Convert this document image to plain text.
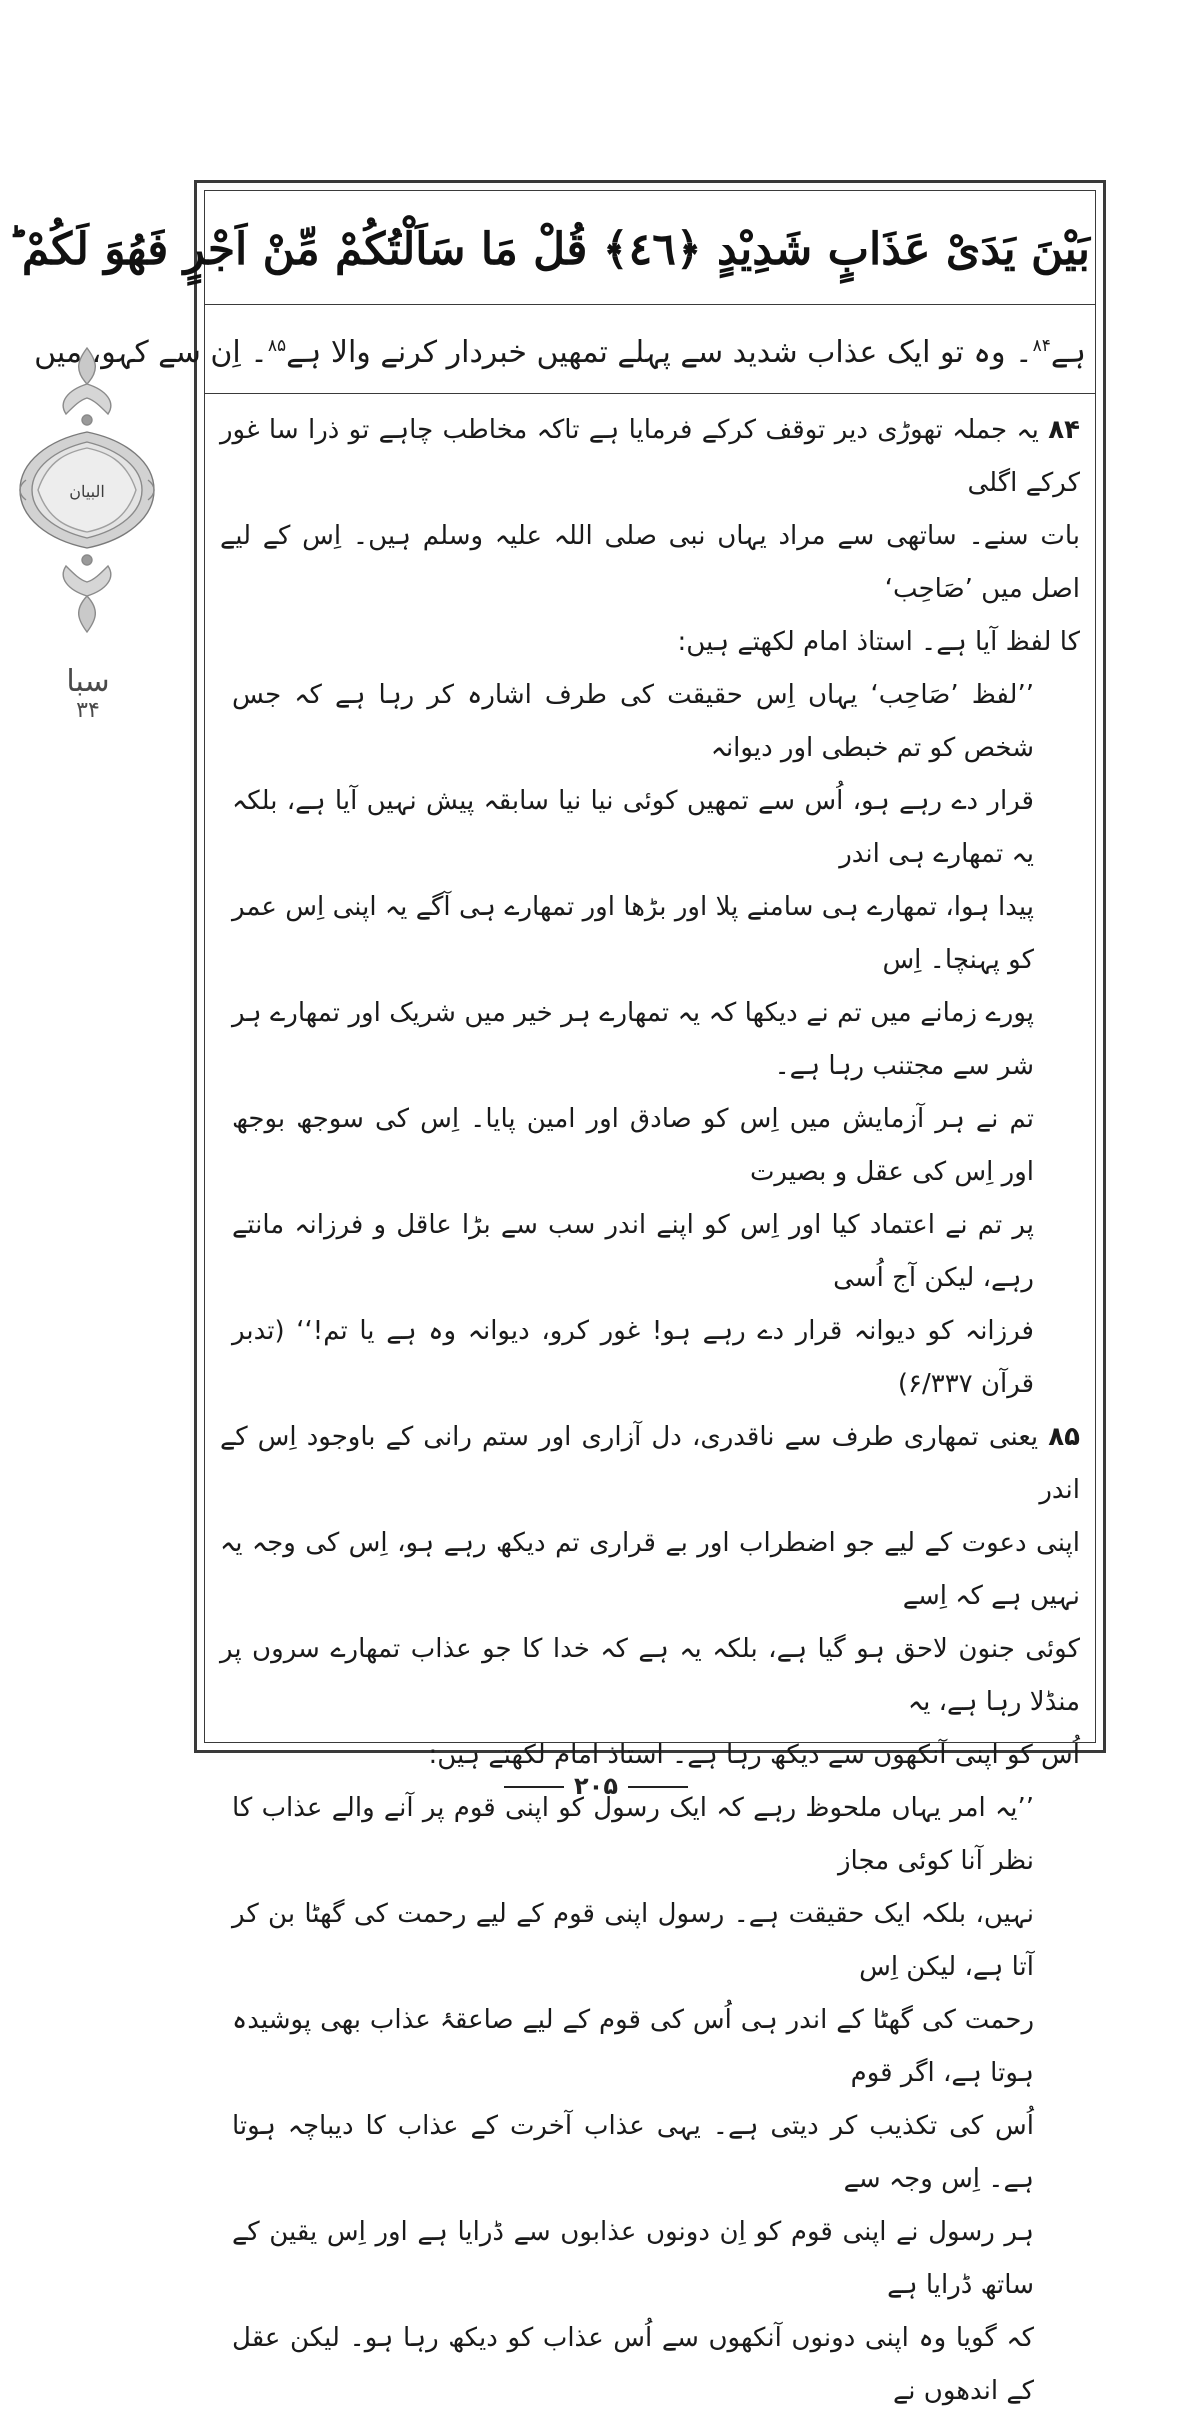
البیان
سبا
۳۴
بَيْنَ يَدَىْ عَذَابٍ شَدِيْدٍ ﴿٤٦﴾ قُلْ مَا سَاَلْتُكُمْ مِّنْ اَجْرٍ فَهُوَ لَكُمْ ؕ
ہے$^{۸۴}$۔ وہ تو ایک عذاب شدید سے پہلے تمھیں خبردار کرنے والا ہے$^{۸۵}$۔ اِن سے کہو، میں

۸۴ یہ جملہ تھوڑی دیر توقف کرکے فرمایا ہے تاکہ مخاطب چاہے تو ذرا سا غور کرکے اگلی

بات سنے۔ ساتھی سے مراد یہاں نبی صلی اللہ علیہ وسلم ہیں۔ اِس کے لیے اصل میں ’صَاحِب‘

کا لفظ آیا ہے۔ استاذ امام لکھتے ہیں:

’’لفظ ’صَاحِب‘ یہاں اِس حقیقت کی طرف اشارہ کر رہا ہے کہ جس شخص کو تم خبطی اور دیوانہ

قرار دے رہے ہو، اُس سے تمھیں کوئی نیا نیا سابقہ پیش نہیں آیا ہے، بلکہ یہ تمھارے ہی اندر

پیدا ہوا، تمھارے ہی سامنے پلا اور بڑھا اور تمھارے ہی آگے یہ اپنی اِس عمر کو پہنچا۔ اِس

پورے زمانے میں تم نے دیکھا کہ یہ تمھارے ہر خیر میں شریک اور تمھارے ہر شر سے مجتنب رہا ہے۔

تم نے ہر آزمایش میں اِس کو صادق اور امین پایا۔ اِس کی سوجھ بوجھ اور اِس کی عقل و بصیرت

پر تم نے اعتماد کیا اور اِس کو اپنے اندر سب سے بڑا عاقل و فرزانہ مانتے رہے، لیکن آج اُسی

فرزانہ کو دیوانہ قرار دے رہے ہو! غور کرو، دیوانہ وہ ہے یا تم!‘‘ (تدبر قرآن ۶/۳۳۷)

۸۵ یعنی تمھاری طرف سے ناقدری، دل آزاری اور ستم رانی کے باوجود اِس کے اندر

اپنی دعوت کے لیے جو اضطراب اور بے قراری تم دیکھ رہے ہو، اِس کی وجہ یہ نہیں ہے کہ اِسے

کوئی جنون لاحق ہو گیا ہے، بلکہ یہ ہے کہ خدا کا جو عذاب تمھارے سروں پر منڈلا رہا ہے، یہ

اُس کو اپنی آنکھوں سے دیکھ رہا ہے۔ استاذ امام لکھتے ہیں:

’’یہ امر یہاں ملحوظ رہے کہ ایک رسول کو اپنی قوم پر آنے والے عذاب کا نظر آنا کوئی مجاز

نہیں، بلکہ ایک حقیقت ہے۔ رسول اپنی قوم کے لیے رحمت کی گھٹا بن کر آتا ہے، لیکن اِس

رحمت کی گھٹا کے اندر ہی اُس کی قوم کے لیے صاعقۂ عذاب بھی پوشیدہ ہوتا ہے، اگر قوم

اُس کی تکذیب کر دیتی ہے۔ یہی عذاب آخرت کے عذاب کا دیباچہ ہوتا ہے۔ اِس وجہ سے

ہر رسول نے اپنی قوم کو اِن دونوں عذابوں سے ڈرایا ہے اور اِس یقین کے ساتھ ڈرایا ہے

کہ گویا وہ اپنی دونوں آنکھوں سے اُس عذاب کو دیکھ رہا ہو۔ لیکن عقل کے اندھوں نے

۲۰۵
